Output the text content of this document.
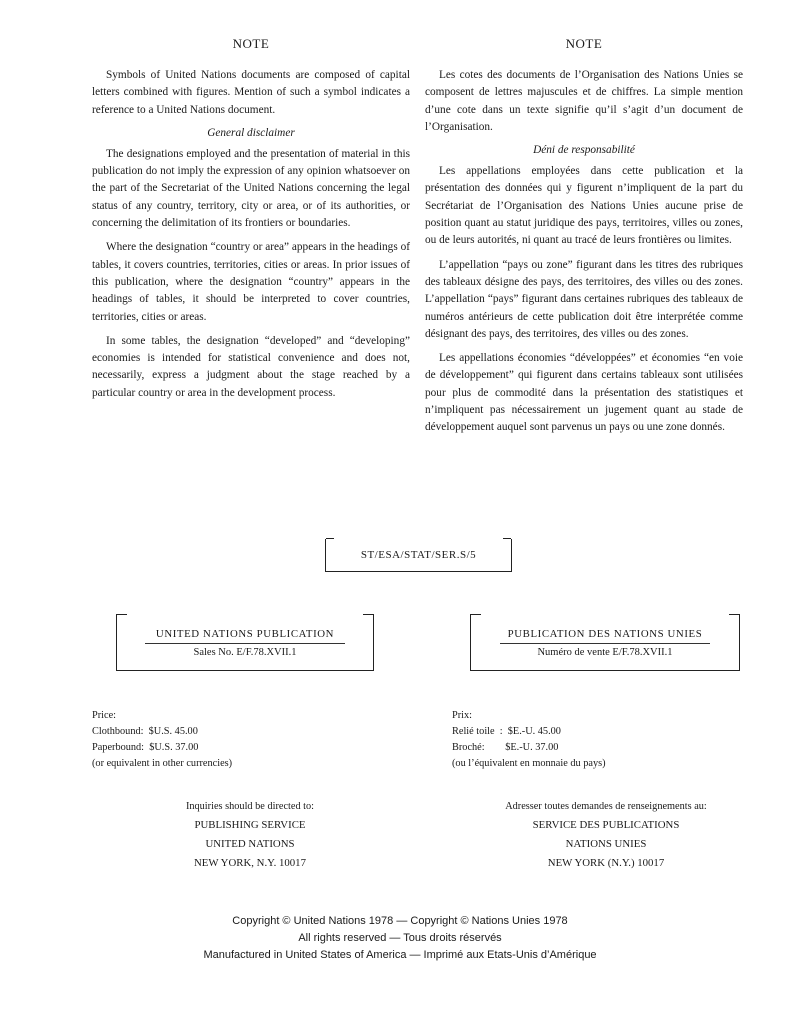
NOTE

Symbols of United Nations documents are composed of capital letters combined with figures. Mention of such a symbol indicates a reference to a United Nations document.

General disclaimer

The designations employed and the presentation of material in this publication do not imply the expression of any opinion whatsoever on the part of the Secretariat of the United Nations concerning the legal status of any country, territory, city or area, or of its authorities, or concerning the delimitation of its frontiers or boundaries.

Where the designation “country or area” appears in the headings of tables, it covers countries, territories, cities or areas. In prior issues of this publication, where the designation “country” appears in the headings of tables, it should be interpreted to cover countries, territories, cities or areas.

In some tables, the designation “developed” and “developing” economies is intended for statistical convenience and does not, necessarily, express a judgment about the stage reached by a particular country or area in the development process.

NOTE

Les cotes des documents de l’Organisation des Nations Unies se composent de lettres majuscules et de chiffres. La simple mention d’une cote dans un texte signifie qu’il s’agit d’un document de l’Organisation.

Déni de responsabilité

Les appellations employées dans cette publication et la présentation des données qui y figurent n’impliquent de la part du Secrétariat de l’Organisation des Nations Unies aucune prise de position quant au statut juridique des pays, territoires, villes ou zones, ou de leurs autorités, ni quant au tracé de leurs frontières ou limites.

L’appellation “pays ou zone” figurant dans les titres des rubriques des tableaux désigne des pays, des territoires, des villes ou des zones. L’appellation “pays” figurant dans certaines rubriques des tableaux de numéros antérieurs de cette publication doit être interprétée comme désignant des pays, des territoires, des villes ou des zones.

Les appellations économies “développées” et économies “en voie de développement” qui figurent dans certains tableaux sont utilisées pour plus de commodité dans la présentation des statistiques et n’impliquent pas nécessairement un jugement quant au stade de développement auquel sont parvenus un pays ou une zone donnés.

ST/ESA/STAT/SER.S/5
UNITED NATIONS PUBLICATION
Sales No. E/F.78.XVII.1
PUBLICATION DES NATIONS UNIES
Numéro de vente E/F.78.XVII.1
Price:
Clothbound:  $U.S. 45.00
Paperbound:  $U.S. 37.00
(or equivalent in other currencies)
Prix:
Relié toile  :  $E.-U. 45.00
Broché:        $E.-U. 37.00
(ou l’équivalent en monnaie du pays)
Inquiries should be directed to:
PUBLISHING SERVICE
UNITED NATIONS
NEW YORK, N.Y. 10017
Adresser toutes demandes de renseignements au:
SERVICE DES PUBLICATIONS
NATIONS UNIES
NEW YORK (N.Y.) 10017
Copyright © United Nations 1978 — Copyright © Nations Unies 1978
All rights reserved — Tous droits réservés
Manufactured in United States of America — Imprimé aux Etats-Unis d’Amérique
